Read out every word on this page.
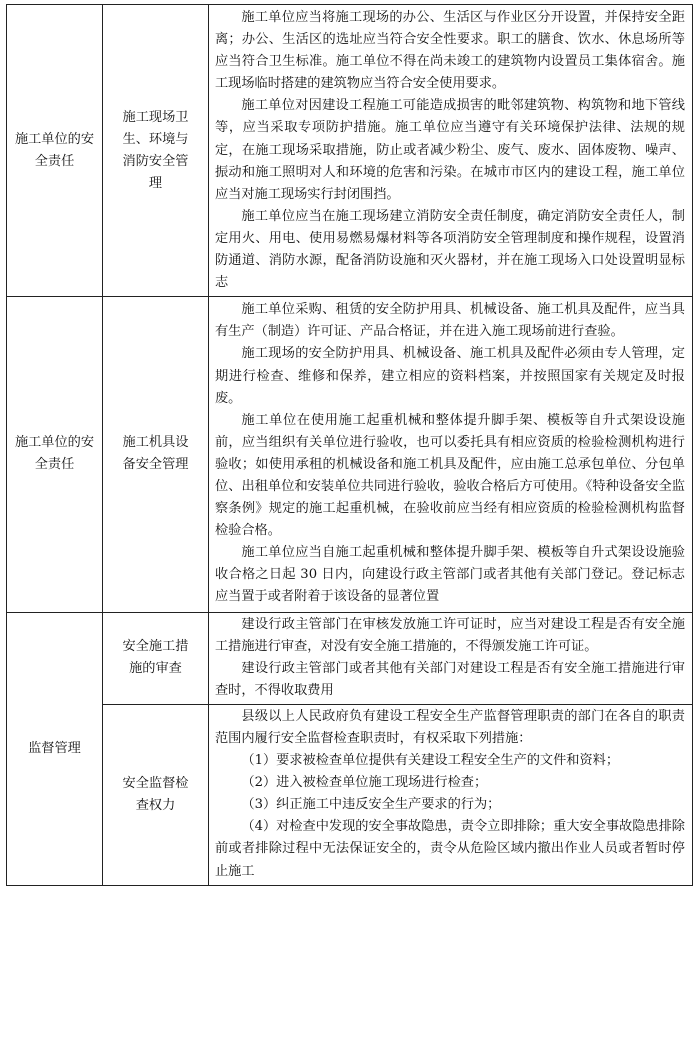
施工单位的安全责任	施工现场卫生、环境与消防安全管理	施工单位应当将施工现场的办公、生活区与作业区分开设置，并保持安全距离；办公、生活区的选址应当符合安全性要求。职工的膳食、饮水、休息场所等应当符合卫生标准。施工单位不得在尚未竣工的建筑物内设置员工集体宿舍。施工现场临时搭建的建筑物应当符合安全使用要求。

施工单位对因建设工程施工可能造成损害的毗邻建筑物、构筑物和地下管线等，应当采取专项防护措施。施工单位应当遵守有关环境保护法律、法规的规定，在施工现场采取措施，防止或者减少粉尘、废气、废水、固体废物、噪声、振动和施工照明对人和环境的危害和污染。在城市市区内的建设工程，施工单位应当对施工现场实行封闭围挡。

施工单位应当在施工现场建立消防安全责任制度，确定消防安全责任人，制定用火、用电、使用易燃易爆材料等各项消防安全管理制度和操作规程，设置消防通道、消防水源，配备消防设施和灭火器材，并在施工现场入口处设置明显标志

施工单位的安全责任	施工机具设备安全管理	施工单位采购、租赁的安全防护用具、机械设备、施工机具及配件，应当具有生产（制造）许可证、产品合格证，并在进入施工现场前进行查验。

施工现场的安全防护用具、机械设备、施工机具及配件必须由专人管理，定期进行检查、维修和保养，建立相应的资料档案，并按照国家有关规定及时报废。

施工单位在使用施工起重机械和整体提升脚手架、模板等自升式架设设施前，应当组织有关单位进行验收，也可以委托具有相应资质的检验检测机构进行验收；如使用承租的机械设备和施工机具及配件，应由施工总承包单位、分包单位、出租单位和安装单位共同进行验收，验收合格后方可使用。《特种设备安全监察条例》规定的施工起重机械，在验收前应当经有相应资质的检验检测机构监督检验合格。

施工单位应当自施工起重机械和整体提升脚手架、模板等自升式架设设施验收合格之日起 30 日内，向建设行政主管部门或者其他有关部门登记。登记标志应当置于或者附着于该设备的显著位置

监督管理	安全施工措施的审查	建设行政主管部门在审核发放施工许可证时，应当对建设工程是否有安全施工措施进行审查，对没有安全施工措施的，不得颁发施工许可证。

建设行政主管部门或者其他有关部门对建设工程是否有安全施工措施进行审查时，不得收取费用

	安全监督检查权力	县级以上人民政府负有建设工程安全生产监督管理职责的部门在各自的职责范围内履行安全监督检查职责时，有权采取下列措施：

（1）要求被检查单位提供有关建设工程安全生产的文件和资料；

（2）进入被检查单位施工现场进行检查；

（3）纠正施工中违反安全生产要求的行为；

（4）对检查中发现的安全事故隐患，责令立即排除；重大安全事故隐患排除前或者排除过程中无法保证安全的，责令从危险区域内撤出作业人员或者暂时停止施工
